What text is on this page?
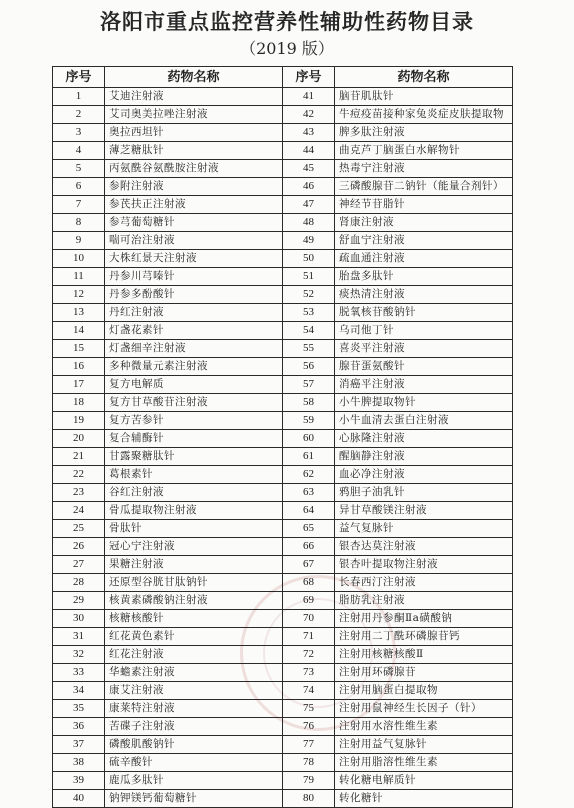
洛阳市重点监控营养性辅助性药物目录
（2019 版）
序号	药物名称	序号	药物名称
1	艾迪注射液	41	脑苷肌肽针
2	艾司奥美拉唑注射液	42	牛痘疫苗接种家兔炎症皮肤提取物
3	奥拉西坦针	43	脾多肽注射液
4	薄芝糖肽针	44	曲克芦丁脑蛋白水解物针
5	丙氨酰谷氨酰胺注射液	45	热毒宁注射液
6	参附注射液	46	三磷酸腺苷二钠针（能量合剂针）
7	参芪扶正注射液	47	神经节苷脂针
8	参芎葡萄糖针	48	肾康注射液
9	喘可治注射液	49	舒血宁注射液
10	大株红景天注射液	50	疏血通注射液
11	丹参川芎嗪针	51	胎盘多肽针
12	丹参多酚酸针	52	痰热清注射液
13	丹红注射液	53	脱氧核苷酸钠针
14	灯盏花素针	54	乌司他丁针
15	灯盏细辛注射液	55	喜炎平注射液
16	多种微量元素注射液	56	腺苷蛋氨酸针
17	复方电解质	57	消癌平注射液
18	复方甘草酸苷注射液	58	小牛脾提取物针
19	复方苦参针	59	小牛血清去蛋白注射液
20	复合辅酶针	60	心脉隆注射液
21	甘露聚糖肽针	61	醒脑静注射液
22	葛根素针	62	血必净注射液
23	谷红注射液	63	鸦胆子油乳针
24	骨瓜提取物注射液	64	异甘草酸镁注射液
25	骨肽针	65	益气复脉针
26	冠心宁注射液	66	银杏达莫注射液
27	果糖注射液	67	银杏叶提取物注射液
28	还原型谷胱甘肽钠针	68	长春西汀注射液
29	核黄素磷酸钠注射液	69	脂肪乳注射液
30	核糖核酸针	70	注射用丹参酮Ⅱa磺酸钠
31	红花黄色素针	71	注射用二丁酰环磷腺苷钙
32	红花注射液	72	注射用核糖核酸Ⅱ
33	华蟾素注射液	73	注射用环磷腺苷
34	康艾注射液	74	注射用脑蛋白提取物
35	康莱特注射液	75	注射用鼠神经生长因子（针）
36	苦碟子注射液	76	注射用水溶性维生素
37	磷酸肌酸钠针	77	注射用益气复脉针
38	硫辛酸针	78	注射用脂溶性维生素
39	鹿瓜多肽针	79	转化糖电解质针
40	钠钾镁钙葡萄糖针	80	转化糖针
